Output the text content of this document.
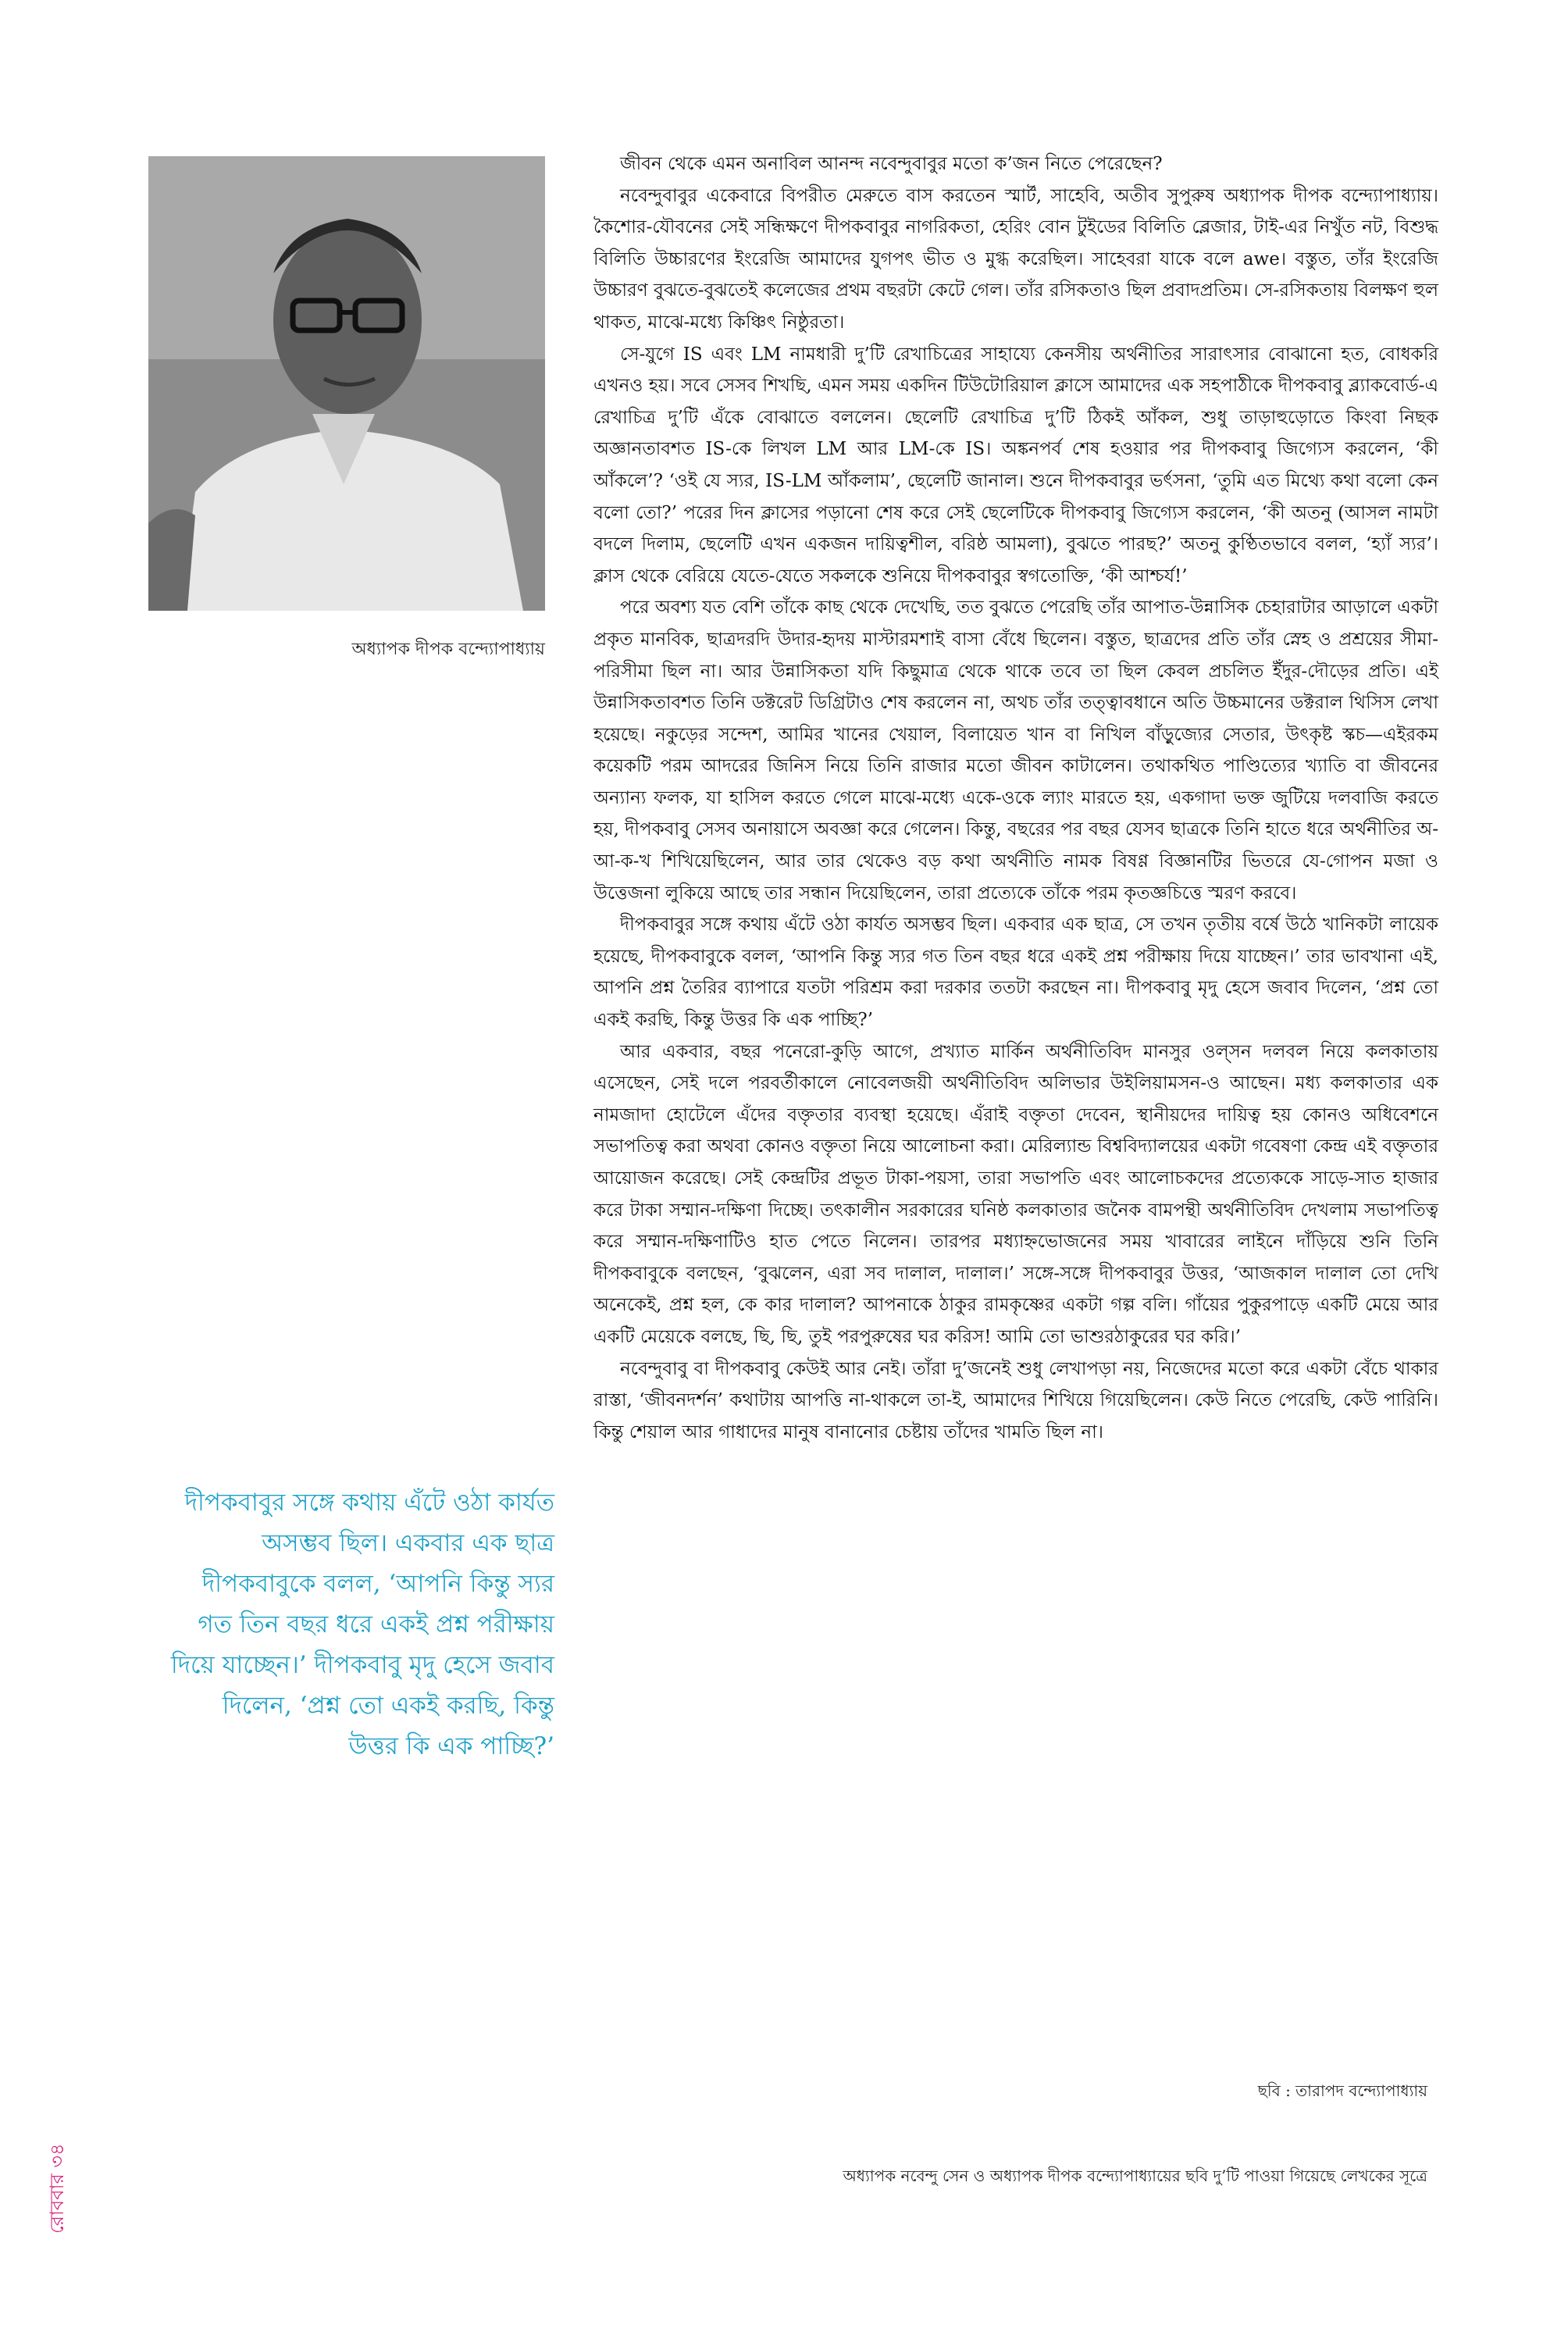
অধ্যাপক দীপক বন্দ্যোপাধ্যায়

জীবন থেকে এমন অনাবিল আনন্দ নবেন্দুবাবুর মতো ক’জন নিতে পেরেছেন?

নবেন্দুবাবুর একেবারে বিপরীত মেরুতে বাস করতেন স্মার্ট, সাহেবি, অতীব সুপুরুষ অধ্যাপক দীপক বন্দ্যোপাধ্যায়। কৈশোর-যৌবনের সেই সন্ধিক্ষণে দীপকবাবুর নাগরিকতা, হেরিং বোন টুইডের বিলিতি ব্লেজার, টাই-এর নিখুঁত নট, বিশুদ্ধ বিলিতি উচ্চারণের ইংরেজি আমাদের যুগপৎ ভীত ও মুগ্ধ করেছিল। সাহেবরা যাকে বলে awe। বস্তুত, তাঁর ইংরেজি উচ্চারণ বুঝতে-বুঝতেই কলেজের প্রথম বছরটা কেটে গেল। তাঁর রসিকতাও ছিল প্রবাদপ্রতিম। সে-রসিকতায় বিলক্ষণ হুল থাকত, মাঝে-মধ্যে কিঞ্চিৎ নিষ্ঠুরতা।

সে-যুগে IS এবং LM নামধারী দু’টি রেখাচিত্রের সাহায্যে কেনসীয় অর্থনীতির সারাৎসার বোঝানো হত, বোধকরি এখনও হয়। সবে সেসব শিখছি, এমন সময় একদিন টিউটোরিয়াল ক্লাসে আমাদের এক সহপাঠীকে দীপকবাবু ব্ল্যাকবোর্ড-এ রেখাচিত্র দু’টি এঁকে বোঝাতে বললেন। ছেলেটি রেখাচিত্র দু’টি ঠিকই আঁকল, শুধু তাড়াহুড়োতে কিংবা নিছক অজ্ঞানতাবশত IS-কে লিখল LM আর LM-কে IS। অঙ্কনপর্ব শেষ হওয়ার পর দীপকবাবু জিগ্যেস করলেন, ‘কী আঁকলে’? ‘ওই যে স্যর, IS-LM আঁকলাম’, ছেলেটি জানাল। শুনে দীপকবাবুর ভর্ৎসনা, ‘তুমি এত মিথ্যে কথা বলো কেন বলো তো?’ পরের দিন ক্লাসের পড়ানো শেষ করে সেই ছেলেটিকে দীপকবাবু জিগ্যেস করলেন, ‘কী অতনু (আসল নামটা বদলে দিলাম, ছেলেটি এখন একজন দায়িত্বশীল, বরিষ্ঠ আমলা), বুঝতে পারছ?’ অতনু কুণ্ঠিতভাবে বলল, ‘হ্যাঁ স্যর’। ক্লাস থেকে বেরিয়ে যেতে-যেতে সকলকে শুনিয়ে দীপকবাবুর স্বগতোক্তি, ‘কী আশ্চর্য!’

পরে অবশ্য যত বেশি তাঁকে কাছ থেকে দেখেছি, তত বুঝতে পেরেছি তাঁর আপাত-উন্নাসিক চেহারাটার আড়ালে একটা প্রকৃত মানবিক, ছাত্রদরদি উদার-হৃদয় মাস্টারমশাই বাসা বেঁধে ছিলেন। বস্তুত, ছাত্রদের প্রতি তাঁর স্নেহ ও প্রশ্রয়ের সীমা-পরিসীমা ছিল না। আর উন্নাসিকতা যদি কিছুমাত্র থেকে থাকে তবে তা ছিল কেবল প্রচলিত ইঁদুর-দৌড়ের প্রতি। এই উন্নাসিকতাবশত তিনি ডক্টরেট ডিগ্রিটাও শেষ করলেন না, অথচ তাঁর তত্ত্বাবধানে অতি উচ্চমানের ডক্টরাল থিসিস লেখা হয়েছে। নকুড়ের সন্দেশ, আমির খানের খেয়াল, বিলায়েত খান বা নিখিল বাঁড়ুজ্যের সেতার, উৎকৃষ্ট স্কচ—এইরকম কয়েকটি পরম আদরের জিনিস নিয়ে তিনি রাজার মতো জীবন কাটালেন। তথাকথিত পাণ্ডিত্যের খ্যাতি বা জীবনের অন্যান্য ফলক, যা হাসিল করতে গেলে মাঝে-মধ্যে একে-ওকে ল্যাং মারতে হয়, একগাদা ভক্ত জুটিয়ে দলবাজি করতে হয়, দীপকবাবু সেসব অনায়াসে অবজ্ঞা করে গেলেন। কিন্তু, বছরের পর বছর যেসব ছাত্রকে তিনি হাতে ধরে অর্থনীতির অ-আ-ক-খ শিখিয়েছিলেন, আর তার থেকেও বড় কথা অর্থনীতি নামক বিষণ্ণ বিজ্ঞানটির ভিতরে যে-গোপন মজা ও উত্তেজনা লুকিয়ে আছে তার সন্ধান দিয়েছিলেন, তারা প্রত্যেকে তাঁকে পরম কৃতজ্ঞচিত্তে স্মরণ করবে।

দীপকবাবুর সঙ্গে কথায় এঁটে ওঠা কার্যত অসম্ভব ছিল। একবার এক ছাত্র, সে তখন তৃতীয় বর্ষে উঠে খানিকটা লায়েক হয়েছে, দীপকবাবুকে বলল, ‘আপনি কিন্তু স্যর গত তিন বছর ধরে একই প্রশ্ন পরীক্ষায় দিয়ে যাচ্ছেন।’ তার ভাবখানা এই, আপনি প্রশ্ন তৈরির ব্যাপারে যতটা পরিশ্রম করা দরকার ততটা করছেন না। দীপকবাবু মৃদু হেসে জবাব দিলেন, ‘প্রশ্ন তো একই করছি, কিন্তু উত্তর কি এক পাচ্ছি?’

আর একবার, বছর পনেরো-কুড়ি আগে, প্রখ্যাত মার্কিন অর্থনীতিবিদ মানসুর ওল্‌সন দলবল নিয়ে কলকাতায় এসেছেন, সেই দলে পরবর্তীকালে নোবেলজয়ী অর্থনীতিবিদ অলিভার উইলিয়ামসন-ও আছেন। মধ্য কলকাতার এক নামজাদা হোটেলে এঁদের বক্তৃতার ব্যবস্থা হয়েছে। এঁরাই বক্তৃতা দেবেন, স্থানীয়দের দায়িত্ব হয় কোনও অধিবেশনে সভাপতিত্ব করা অথবা কোনও বক্তৃতা নিয়ে আলোচনা করা। মেরিল্যান্ড বিশ্ববিদ্যালয়ের একটা গবেষণা কেন্দ্র এই বক্তৃতার আয়োজন করেছে। সেই কেন্দ্রটির প্রভূত টাকা-পয়সা, তারা সভাপতি এবং আলোচকদের প্রত্যেককে সাড়ে-সাত হাজার করে টাকা সম্মান-দক্ষিণা দিচ্ছে। তৎকালীন সরকারের ঘনিষ্ঠ কলকাতার জনৈক বামপন্থী অর্থনীতিবিদ দেখলাম সভাপতিত্ব করে সম্মান-দক্ষিণাটিও হাত পেতে নিলেন। তারপর মধ্যাহ্নভোজনের সময় খাবারের লাইনে দাঁড়িয়ে শুনি তিনি দীপকবাবুকে বলছেন, ‘বুঝলেন, এরা সব দালাল, দালাল।’ সঙ্গে-সঙ্গে দীপকবাবুর উত্তর, ‘আজকাল দালাল তো দেখি অনেকেই, প্রশ্ন হল, কে কার দালাল? আপনাকে ঠাকুর রামকৃষ্ণের একটা গল্প বলি। গাঁয়ের পুকুরপাড়ে একটি মেয়ে আর একটি মেয়েকে বলছে, ছি, ছি, তুই পরপুরুষের ঘর করিস! আমি তো ভাশুরঠাকুরের ঘর করি।’

নবেন্দুবাবু বা দীপকবাবু কেউই আর নেই। তাঁরা দু’জনেই শুধু লেখাপড়া নয়, নিজেদের মতো করে একটা বেঁচে থাকার রাস্তা, ‘জীবনদর্শন’ কথাটায় আপত্তি না-থাকলে তা-ই, আমাদের শিখিয়ে গিয়েছিলেন। কেউ নিতে পেরেছি, কেউ পারিনি। কিন্তু শেয়াল আর গাধাদের মানুষ বানানোর চেষ্টায় তাঁদের খামতি ছিল না।

দীপকবাবুর সঙ্গে কথায় এঁটে ওঠা কার্যত অসম্ভব ছিল। একবার এক ছাত্র দীপকবাবুকে বলল, ‘আপনি কিন্তু স্যর গত তিন বছর ধরে একই প্রশ্ন পরীক্ষায় দিয়ে যাচ্ছেন।’ দীপকবাবু মৃদু হেসে জবাব দিলেন, ‘প্রশ্ন তো একই করছি, কিন্তু উত্তর কি এক পাচ্ছি?’
ছবি : তারাপদ বন্দ্যোপাধ্যায়
অধ্যাপক নবেন্দু সেন ও অধ্যাপক দীপক বন্দ্যোপাধ্যায়ের ছবি দু’টি পাওয়া গিয়েছে লেখকের সূত্রে
রোববার ৩৪
